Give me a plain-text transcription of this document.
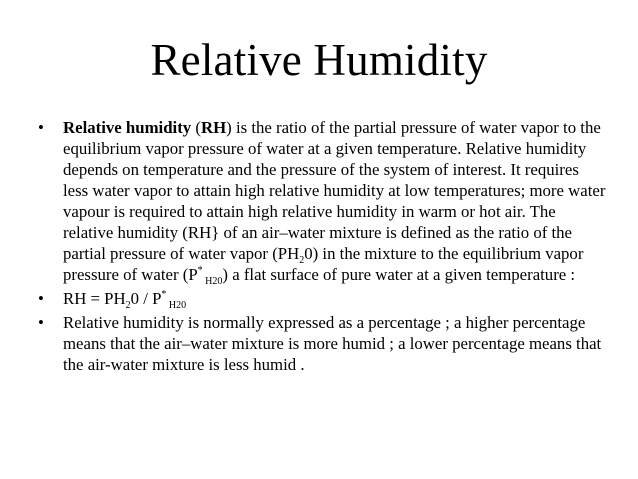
Relative Humidity
•	Relative humidity (RH) is the ratio of the partial pressure of water vapor to the equilibrium vapor pressure of water at a given temperature. Relative humidity depends on temperature and the pressure of the system of interest. It requires less water vapor to attain high relative humidity at low temperatures; more water vapour is required to attain high relative humidity in warm or hot air. The relative humidity (RH} of an air–water mixture is defined as the ratio of the partial pressure of water vapor $(PH_20)$ in the mixture to the equilibrium vapor pressure of water (P* $_{H20}$) a flat surface of pure water at a given temperature :
•	RH = $PH_20 / P^*$ $_{H20}$
•	Relative humidity is normally expressed as a percentage ; a higher percentage means that the air–water mixture is more humid ; a lower percentage means that the air-water mixture is less humid .
